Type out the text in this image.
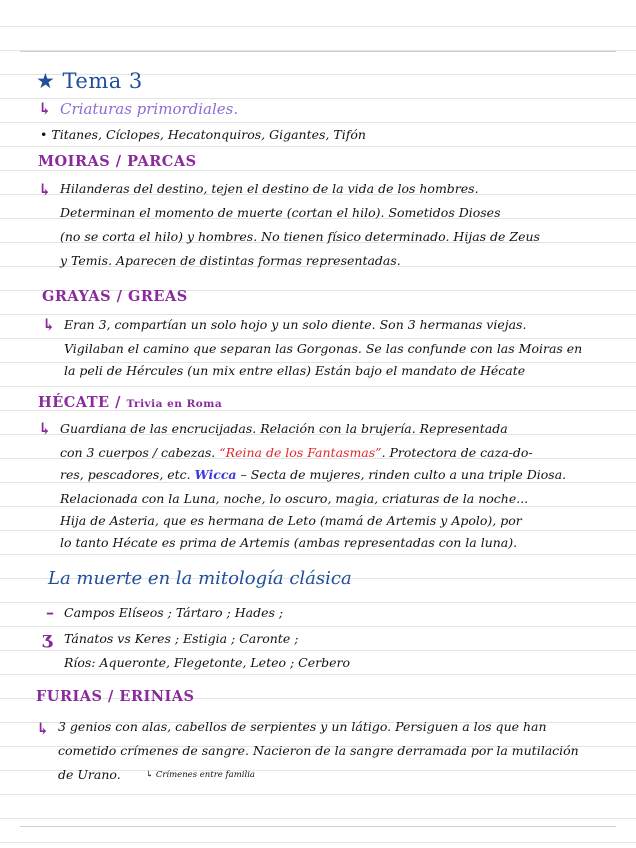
★ Tema 3
↳ Criaturas primordiales.
• Titanes, Cíclopes, Hecatonquiros, Gigantes, Tifón
MOIRAS / PARCAS
↳ Hilanderas del destino, tejen el destino de la vida de los hombres.
Determinan el momento de muerte (cortan el hilo). Sometidos Dioses
(no se corta el hilo) y hombres. No tienen físico determinado. Hijas de Zeus
y Temis. Aparecen de distintas formas representadas.
GRAYAS / GREAS
↳ Eran 3, compartían un solo hojo y un solo diente. Son 3 hermanas viejas.
Vigilaban el camino que separan las Gorgonas. Se las confunde con las Moiras en
la peli de Hércules (un mix entre ellas) Están bajo el mandato de Hécate
HÉCATE / Trivia en Roma
↳ Guardiana de las encrucijadas. Relación con la brujería. Representada
con 3 cuerpos / cabezas. “Reina de los Fantasmas”. Protectora de caza-do-
res, pescadores, etc. Wicca – Secta de mujeres, rinden culto a una triple Diosa.
Relacionada con la Luna, noche, lo oscuro, magia, criaturas de la noche...
Hija de Asteria, que es hermana de Leto (mamá de Artemis y Apolo), por
lo tanto Hécate es prima de Artemis (ambas representadas con la luna).
La muerte en la mitología clásica
– Campos Elíseos ; Tártaro ; Hades ;
ʒ Tánatos vs Keres ; Estigia ; Caronte ;
Ríos: Aqueronte, Flegetonte, Leteo ; Cerbero
FURIAS / ERINIAS
↳ 3 genios con alas, cabellos de serpientes y un látigo. Persiguen a los que han
cometido crímenes de sangre. Nacieron de la sangre derramada por la mutilación
de Urano.	↳ Crímenes entre familia
